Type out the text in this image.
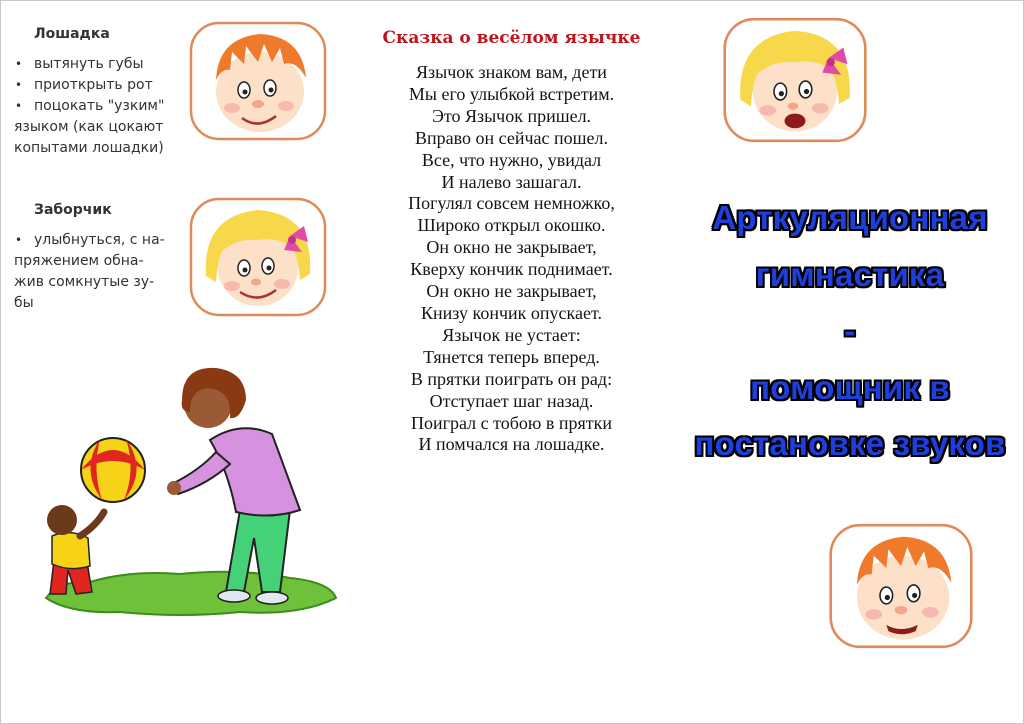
Лошадка
• вытянуть губы
• приоткрыть рот
• поцокать "узким"
языком (как цокают
копытами лошадки)
Заборчик
• улыбнуться, с на-
пряжением обна-
жив сомкнутые зу-
бы
Сказка о весёлом язычке
Язычок знаком вам, дети
Мы его улыбкой встретим.
Это Язычок пришел.
Вправо он сейчас пошел.
Все, что нужно, увидал
И налево зашагал.
Погулял совсем немножко,
Широко открыл окошко.
Он окно не закрывает,
Кверху кончик поднимает.
Он окно не закрывает,
Книзу кончик опускает.
Язычок не устает:
Тянется теперь вперед.
В прятки поиграть он рад:
Отступает шаг назад.
Поиграл с тобою в прятки
И помчался на лошадке.
Арткуляционная
гимнастика
-
помощник в
постановке звуков
